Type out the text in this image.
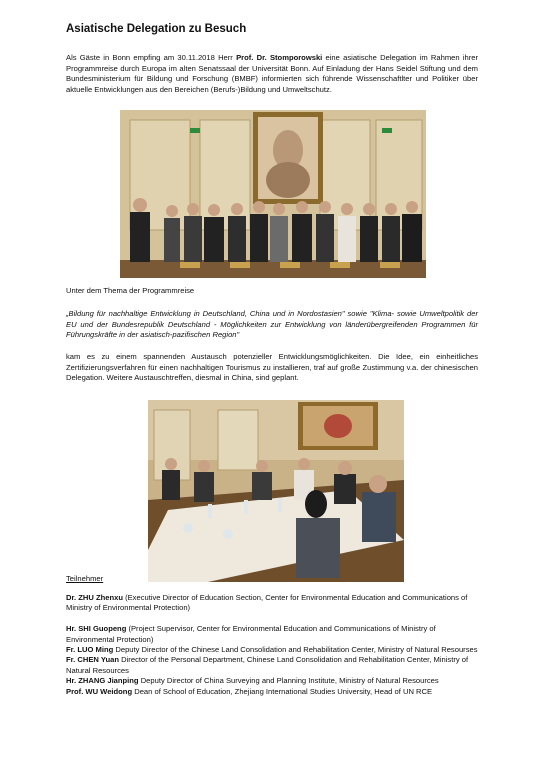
Asiatische Delegation zu Besuch
Als Gäste in Bonn empfing am 30.11.2018 Herr Prof. Dr. Stomporowski eine asiatische Delegation im Rahmen ihrer Programmreise durch Europa im alten Senatssaal der Universität Bonn. Auf Einladung der Hans Seidel Stiftung und dem Bundesministerium für Bildung und Forschung (BMBF) informierten sich führende Wissenschaftlter und Politiker über aktuelle Entwicklungen aus den Bereichen (Berufs-)Bildung und Umweltschutz.
Unter dem Thema der Programmreise
„Bildung für nachhaltige Entwicklung in Deutschland, China und in Nordostasien" sowie "Klima- sowie Umweltpolitik der EU und der Bundesrepublik Deutschland - Möglichkeiten zur Entwicklung von länderübergreifenden Programmen für Führungskräfte in der asiatisch-pazifischen Region"
kam es zu einem spannenden Austausch potenzieller Entwicklungsmöglichkeiten. Die Idee, ein einheitliches Zertifizierungsverfahren für einen nachhaltigen Tourismus zu installieren, traf auf große Zustimmung v.a. der chinesischen Delegation. Weitere Austauschtreffen, diesmal in China, sind geplant.
Teilnehmer

Dr. ZHU Zhenxu (Executive Director of Education Section, Center for Environmental Education and Communications of Ministry of Environmental Protection)

Hr. SHI Guopeng (Project Supervisor, Center for Environmental Education and Communications of Ministry of Environmental Protection)

Fr. LUO Ming Deputy Director of the Chinese Land Consolidation and Rehabilitation Center, Ministry of Natural Resourses

Fr. CHEN Yuan Director of the Personal Department, Chinese Land Consolidation and Rehabilitation Center, Ministry of Natural Resources

Hr. ZHANG Jianping Deputy Director of China Surveying and Planning Institute, Ministry of Natural Resources

Prof. WU Weidong Dean of School of Education, Zhejiang International Studies University, Head of UN RCE
